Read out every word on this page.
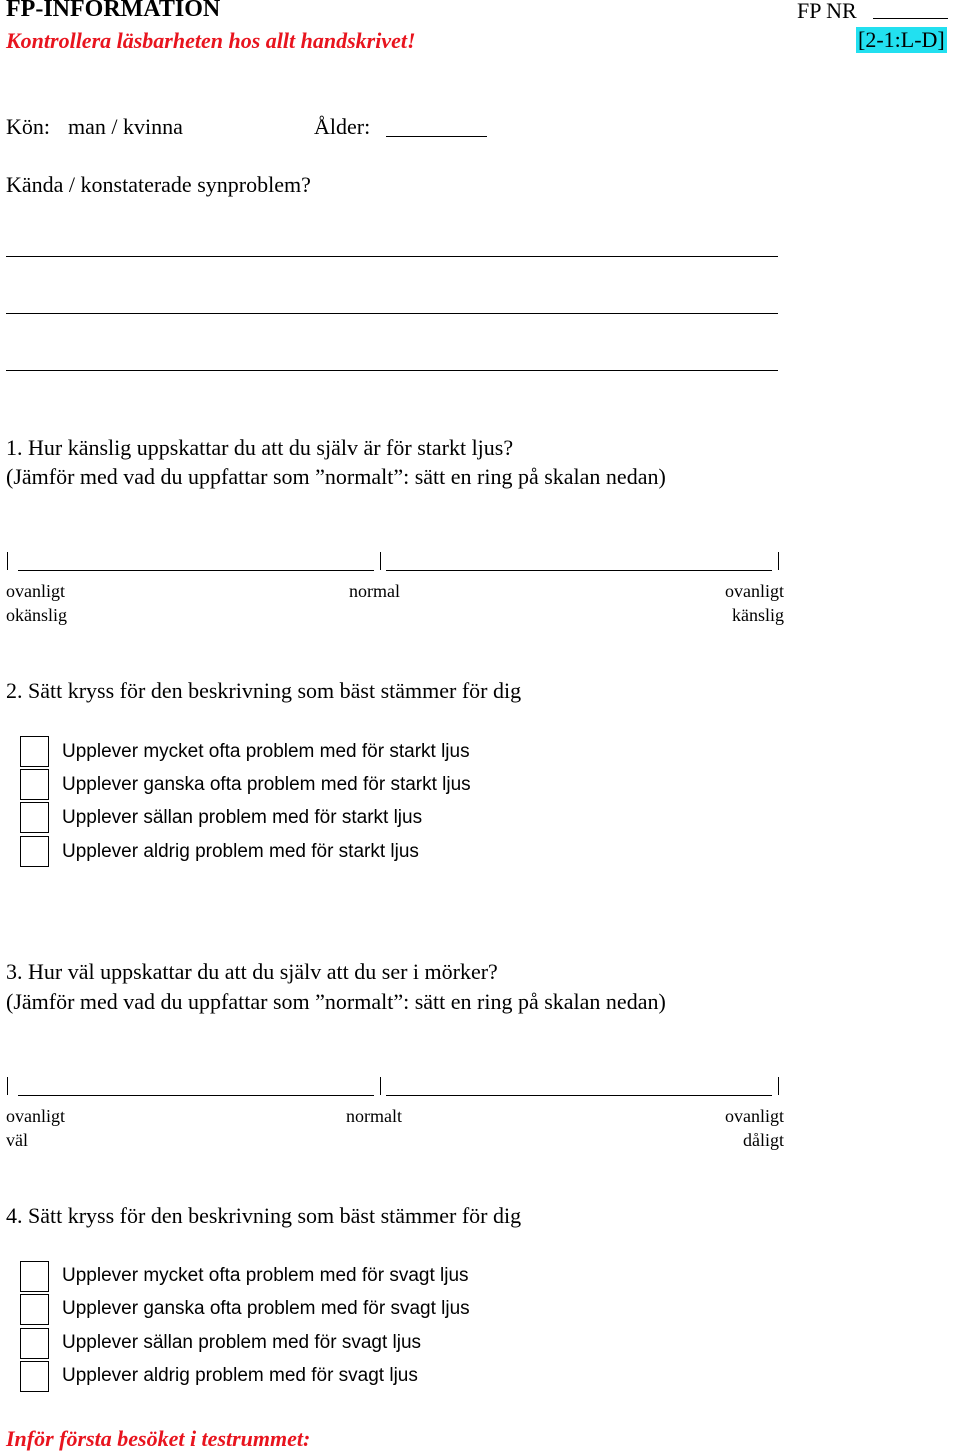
FP-INFORMATION	FP NR
Kontrollera läsbarheten hos allt handskrivet!	[2-1:L-D]
Kön: man / kvinna	Ålder:
Kända / konstaterade synproblem?
1. Hur känslig uppskattar du att du själv är för starkt ljus?
(Jämför med vad du uppfattar som ”normalt”: sätt en ring på skalan nedan)
ovanligt
okänslig
normal	ovanligt
känslig
2. Sätt kryss för den beskrivning som bäst stämmer för dig
Upplever mycket ofta problem med för starkt ljus
Upplever ganska ofta problem med för starkt ljus
Upplever sällan problem med för starkt ljus
Upplever aldrig problem med för starkt ljus
3. Hur väl uppskattar du att du själv att du ser i mörker?
(Jämför med vad du uppfattar som ”normalt”: sätt en ring på skalan nedan)
ovanligt
väl
normalt	ovanligt
dåligt
4. Sätt kryss för den beskrivning som bäst stämmer för dig
Upplever mycket ofta problem med för svagt ljus
Upplever ganska ofta problem med för svagt ljus
Upplever sällan problem med för svagt ljus
Upplever aldrig problem med för svagt ljus
Inför första besöket i testrummet:
